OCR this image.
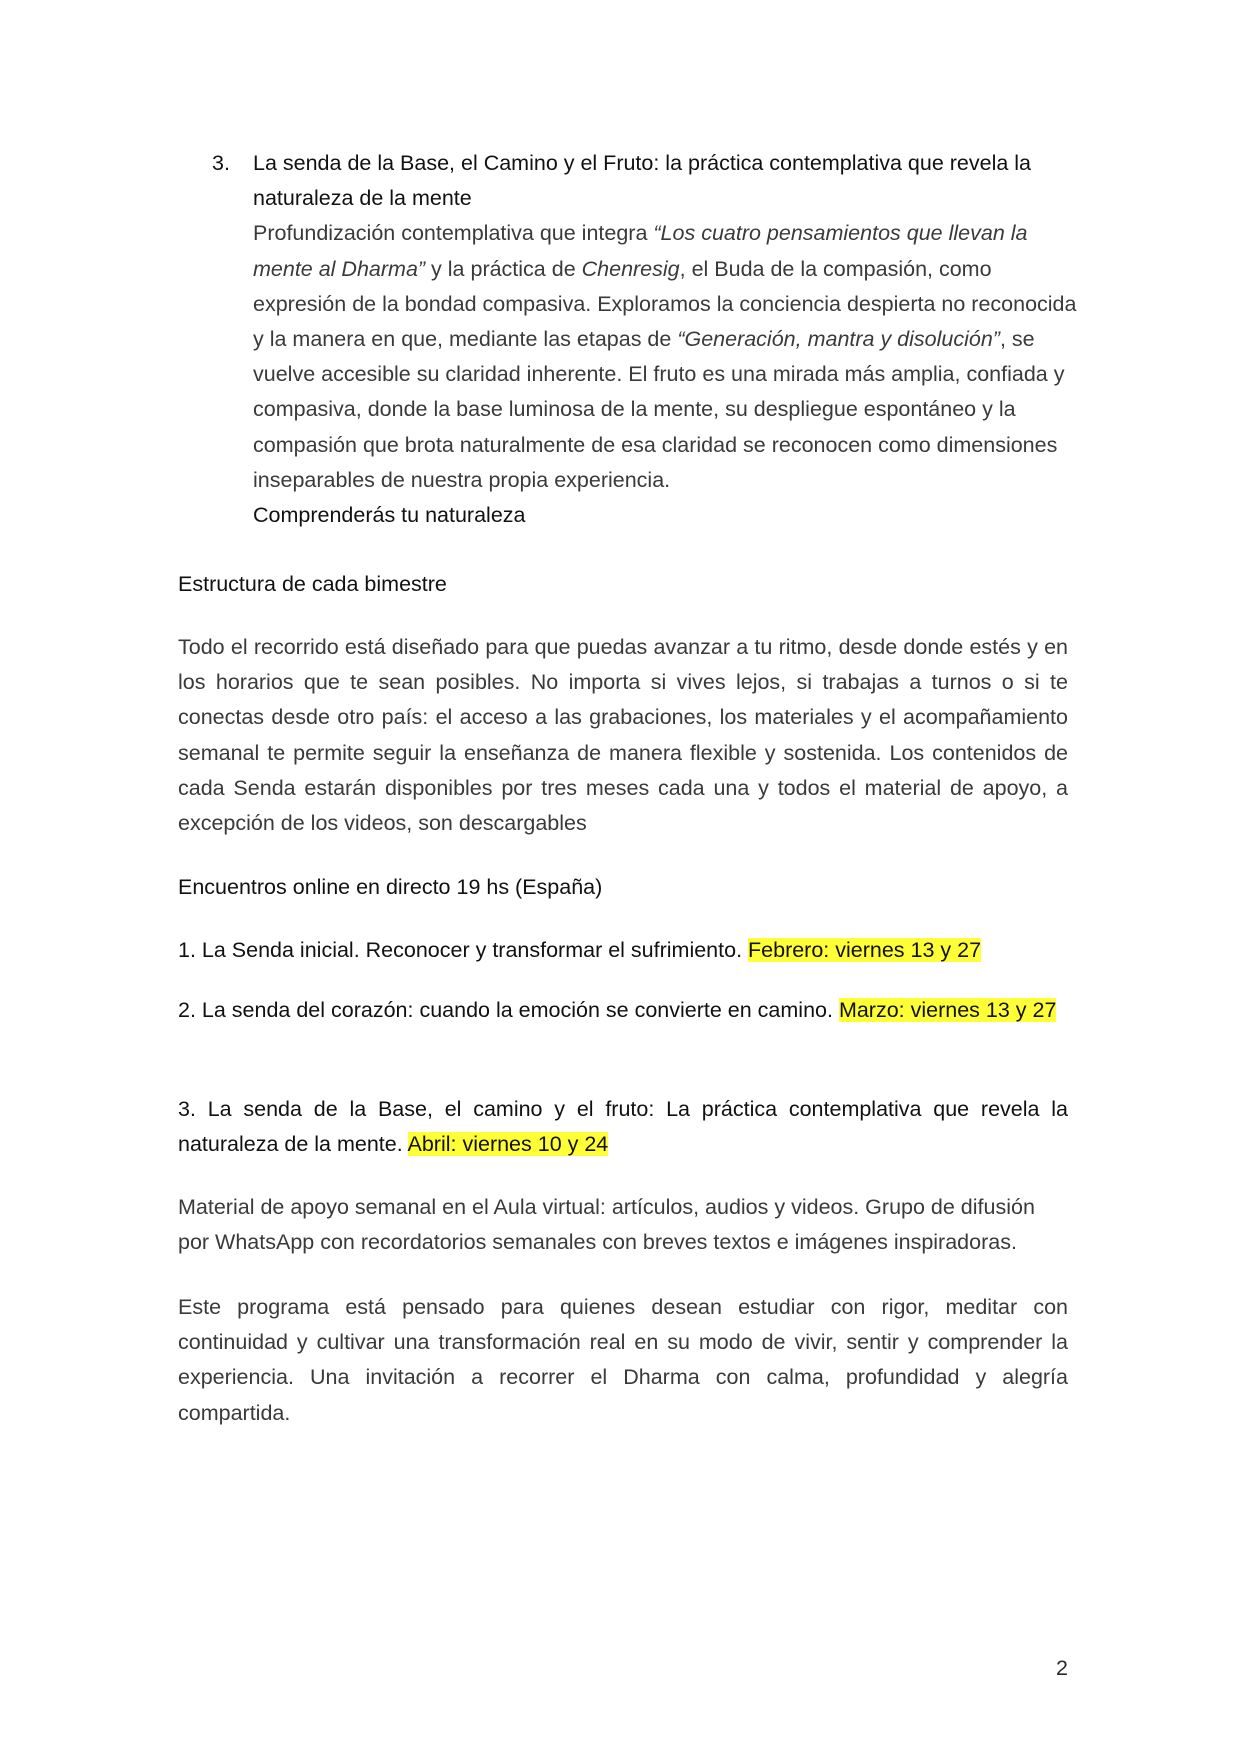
3. La senda de la Base, el Camino y el Fruto: la práctica contemplativa que revela la naturaleza de la mente

Profundización contemplativa que integra “Los cuatro pensamientos que llevan la mente al Dharma” y la práctica de Chenresig, el Buda de la compasión, como expresión de la bondad compasiva. Exploramos la conciencia despierta no reconocida y la manera en que, mediante las etapas de “Generación, mantra y disolución”, se vuelve accesible su claridad inherente. El fruto es una mirada más amplia, confiada y compasiva, donde la base luminosa de la mente, su despliegue espontáneo y la compasión que brota naturalmente de esa claridad se reconocen como dimensiones inseparables de nuestra propia experiencia.

Comprenderás tu naturaleza

Estructura de cada bimestre

Todo el recorrido está diseñado para que puedas avanzar a tu ritmo, desde donde estés y en los horarios que te sean posibles. No importa si vives lejos, si trabajas a turnos o si te conectas desde otro país: el acceso a las grabaciones, los materiales y el acompañamiento semanal te permite seguir la enseñanza de manera flexible y sostenida. Los contenidos de cada Senda estarán disponibles por tres meses cada una y todos el material de apoyo, a excepción de los videos, son descargables

Encuentros online en directo 19 hs (España)

1. La Senda inicial. Reconocer y transformar el sufrimiento. Febrero: viernes 13 y 27

2. La senda del corazón: cuando la emoción se convierte en camino. Marzo: viernes 13 y 27

3. La senda de la Base, el camino y el fruto: La práctica contemplativa que revela la naturaleza de la mente. Abril: viernes 10 y 24

Material de apoyo semanal en el Aula virtual: artículos, audios y videos. Grupo de difusión por WhatsApp con recordatorios semanales con breves textos e imágenes inspiradoras.

Este programa está pensado para quienes desean estudiar con rigor, meditar con continuidad y cultivar una transformación real en su modo de vivir, sentir y comprender la experiencia. Una invitación a recorrer el Dharma con calma, profundidad y alegría compartida.

2
